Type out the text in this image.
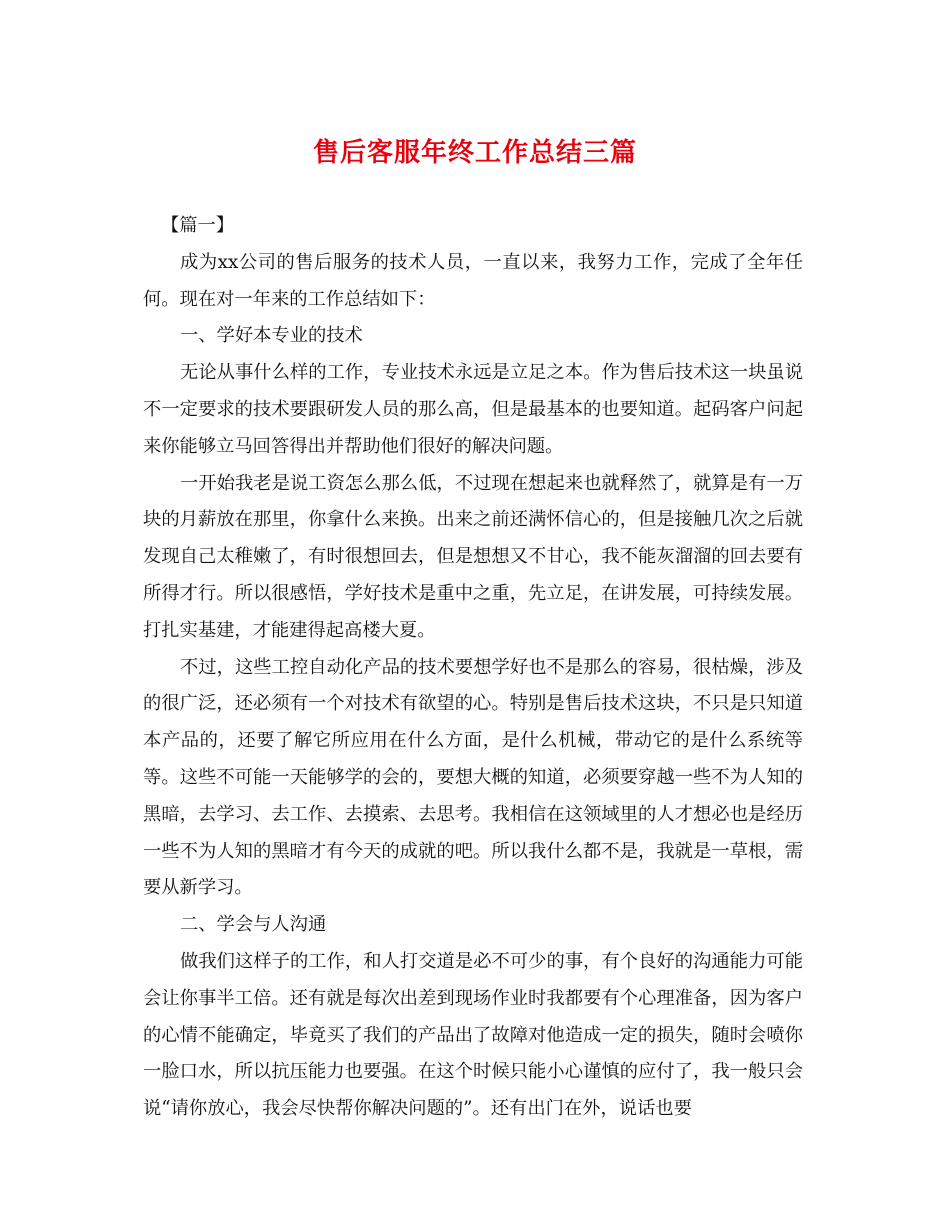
售后客服年终工作总结三篇

【篇一】

成为xx公司的售后服务的技术人员，一直以来，我努力工作，完成了全年任何。现在对一年来的工作总结如下：

一、学好本专业的技术

无论从事什么样的工作，专业技术永远是立足之本。作为售后技术这一块虽说不一定要求的技术要跟研发人员的那么高，但是最基本的也要知道。起码客户问起来你能够立马回答得出并帮助他们很好的解决问题。

一开始我老是说工资怎么那么低，不过现在想起来也就释然了，就算是有一万块的月薪放在那里，你拿什么来换。出来之前还满怀信心的，但是接触几次之后就发现自己太稚嫩了，有时很想回去，但是想想又不甘心，我不能灰溜溜的回去要有所得才行。所以很感悟，学好技术是重中之重，先立足，在讲发展，可持续发展。打扎实基建，才能建得起高楼大夏。

不过，这些工控自动化产品的技术要想学好也不是那么的容易，很枯燥，涉及的很广泛，还必须有一个对技术有欲望的心。特别是售后技术这块，不只是只知道本产品的，还要了解它所应用在什么方面，是什么机械，带动它的是什么系统等等。这些不可能一天能够学的会的，要想大概的知道，必须要穿越一些不为人知的黑暗，去学习、去工作、去摸索、去思考。我相信在这领域里的人才想必也是经历一些不为人知的黑暗才有今天的成就的吧。所以我什么都不是，我就是一草根，需要从新学习。

二、学会与人沟通

做我们这样子的工作，和人打交道是必不可少的事，有个良好的沟通能力可能会让你事半工倍。还有就是每次出差到现场作业时我都要有个心理准备，因为客户的心情不能确定，毕竟买了我们的产品出了故障对他造成一定的损失，随时会喷你一脸口水，所以抗压能力也要强。在这个时候只能小心谨慎的应付了，我一般只会说“请你放心，我会尽快帮你解决问题的”。还有出门在外，说话也要
